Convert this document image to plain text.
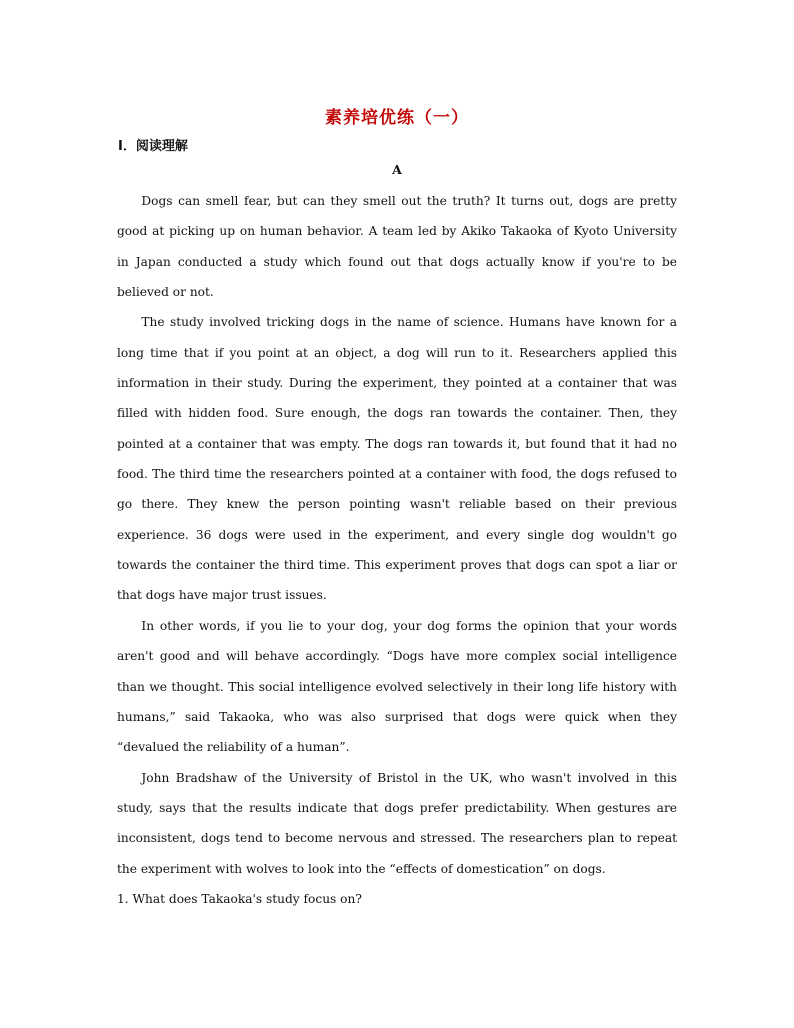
素养培优练（一）
Ⅰ．阅读理解
A

Dogs can smell fear, but can they smell out the truth? It turns out, dogs are pretty good at picking up on human behavior. A team led by Akiko Takaoka of Kyoto University in Japan conducted a study which found out that dogs actually know if you're to be believed or not.

The study involved tricking dogs in the name of science. Humans have known for a long time that if you point at an object, a dog will run to it. Researchers applied this information in their study. During the experiment, they pointed at a container that was filled with hidden food. Sure enough, the dogs ran towards the container. Then, they pointed at a container that was empty. The dogs ran towards it, but found that it had no food. The third time the researchers pointed at a container with food, the dogs refused to go there. They knew the person pointing wasn't reliable based on their previous experience. 36 dogs were used in the experiment, and every single dog wouldn't go towards the container the third time. This experiment proves that dogs can spot a liar or that dogs have major trust issues.

In other words, if you lie to your dog, your dog forms the opinion that your words aren't good and will behave accordingly. “Dogs have more complex social intelligence than we thought. This social intelligence evolved selectively in their long life history with humans,” said Takaoka, who was also surprised that dogs were quick when they “devalued the reliability of a human”.

John Bradshaw of the University of Bristol in the UK, who wasn't involved in this study, says that the results indicate that dogs prefer predictability. When gestures are inconsistent, dogs tend to become nervous and stressed. The researchers plan to repeat the experiment with wolves to look into the “effects of domestication” on dogs.

1. What does Takaoka's study focus on?
